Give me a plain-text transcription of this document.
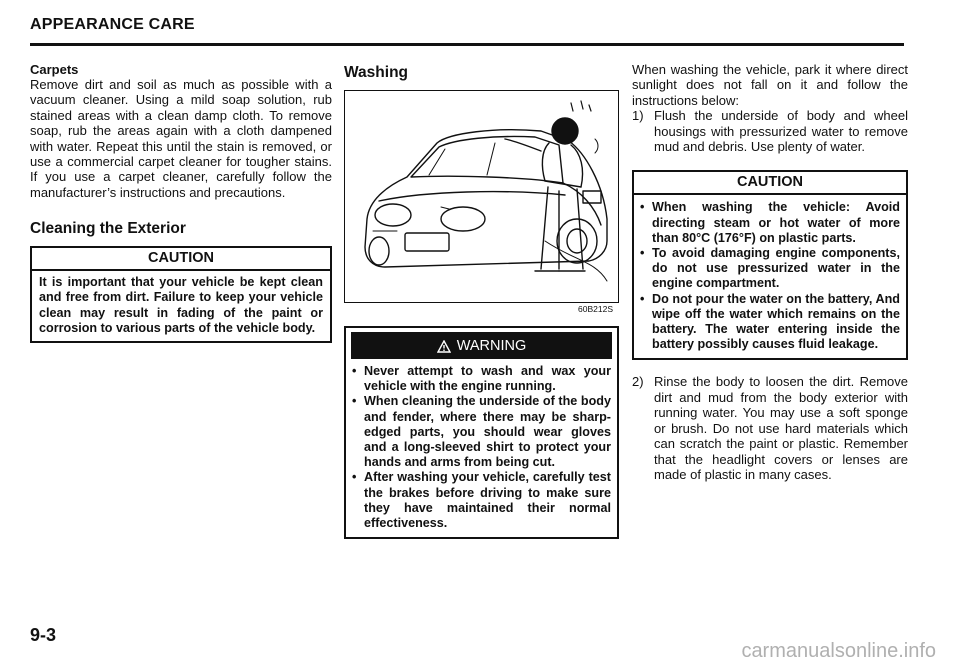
APPEARANCE CARE
Carpets

Remove dirt and soil as much as possible with a vacuum cleaner. Using a mild soap solution, rub stained areas with a clean damp cloth. To remove soap, rub the areas again with a cloth dampened with water. Repeat this until the stain is removed, or use a commercial carpet cleaner for tougher stains. If you use a carpet cleaner, carefully follow the manufacturer’s instructions and precautions.

Cleaning the Exterior
CAUTION

It is important that your vehicle be kept clean and free from dirt. Failure to keep your vehicle clean may result in fading of the paint or corrosion to various parts of the vehicle body.

Washing
60B212S
WARNING
• Never attempt to wash and wax your vehicle with the engine running.
• When cleaning the underside of the body and fender, where there may be sharp-edged parts, you should wear gloves and a long-sleeved shirt to protect your hands and arms from being cut.
• After washing your vehicle, carefully test the brakes before driving to make sure they have maintained their normal effectiveness.

When washing the vehicle, park it where direct sunlight does not fall on it and follow the instructions below:

1) Flush the underside of body and wheel housings with pressurized water to remove mud and debris. Use plenty of water.
CAUTION
• When washing the vehicle: Avoid directing steam or hot water of more than 80°C (176°F) on plastic parts.
• To avoid damaging engine components, do not use pressurized water in the engine compartment.
• Do not pour the water on the battery, And wipe off the water which remains on the battery. The water entering inside the battery possibly causes fluid leakage.
2) Rinse the body to loosen the dirt. Remove dirt and mud from the body exterior with running water. You may use a soft sponge or brush. Do not use hard materials which can scratch the paint or plastic. Remember that the headlight covers or lenses are made of plastic in many cases.
9-3
carmanualsonline.info
